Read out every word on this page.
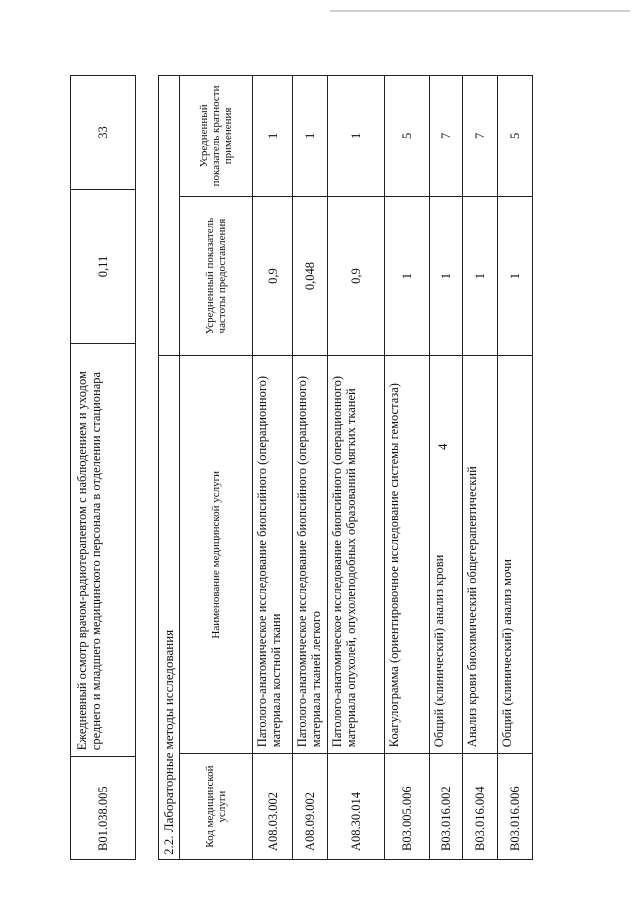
4
B01.038.005	Ежедневный осмотр врачом-радиотерапевтом с наблюдением и уходом среднего и младшего медицинского персонала в отделении стационара	0,11	33
2.2. Лабораторные методы исследования			
Код медицинской услуги	Наименование медицинской услуги	Усредненный показатель частоты предоставления	Усредненный показатель кратности применения
A08.03.002	Патолого-анатомическое исследование биопсийного (операционного) материала костной ткани	0,9	1
A08.09.002	Патолого-анатомическое исследование биопсийного (операционного) материала тканей легкого	0,048	1
A08.30.014	Патолого-анатомическое исследование биопсийного (операционного) материала опухолей, опухолеподобных образований мягких тканей	0,9	1
B03.005.006	Коагулограмма (ориентировочное исследование системы гемостаза)	1	5
B03.016.002	Общий (клинический) анализ крови	1	7
B03.016.004	Анализ крови биохимический общетерапевтический	1	7
B03.016.006	Общий (клинический) анализ мочи	1	5
